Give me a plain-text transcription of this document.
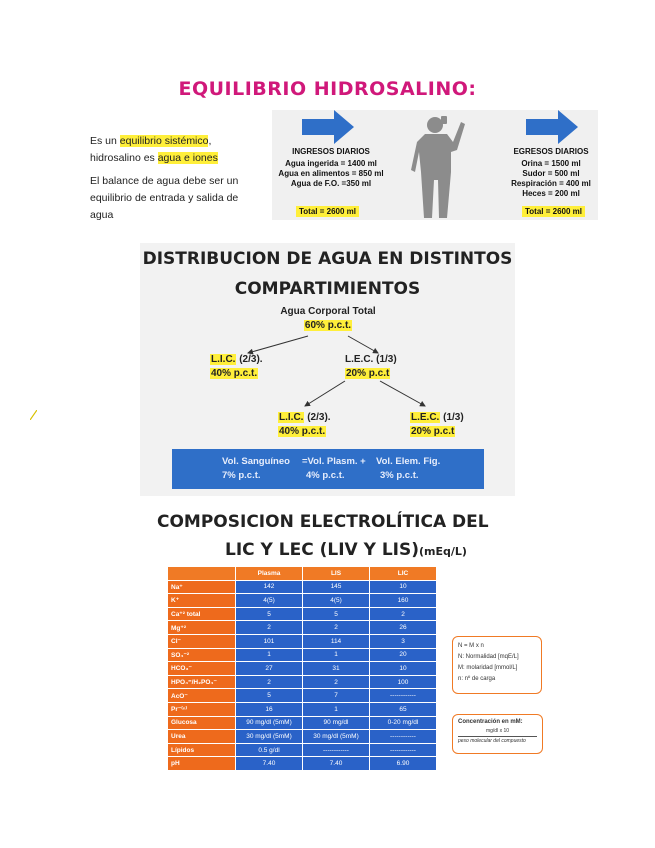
EQUILIBRIO HIDROSALINO:

Es un equilibrio sistémico,
hidrosalino es agua e iones

El balance de agua debe ser un equilibrio de entrada y salida de agua

INGRESOS DIARIOS
Agua ingerida = 1400 ml
Agua en alimentos = 850 ml
Agua de F.O. =350 ml
Total = 2600 ml
EGRESOS DIARIOS
Orina = 1500 ml
Sudor = 500 ml
Respiración = 400 ml
Heces = 200 ml
Total = 2600 ml
DISTRIBUCION DE AGUA EN DISTINTOS
COMPARTIMIENTOS
Agua Corporal Total
60% p.c.t.
L.I.C. (2/3).
40% p.c.t.
L.E.C. (1/3)
20% p.c.t
L.I.C. (2/3).
40% p.c.t.
L.E.C. (1/3)
20% p.c.t
Vol. Sanguíneo
7% p.c.t.
=Vol. Plasm. +
4% p.c.t.
Vol. Elem. Fig.
3% p.c.t.
COMPOSICION ELECTROLÍTICA DEL
LIC Y LEC (LIV Y LIS)(mEq/L)
	Plasma	LIS	LIC
Na⁺	142	145	10
K⁺	4(5)	4(5)	160
Ca⁺² total	5	5	2
Mg⁺²	2	2	26
Cl⁻	101	114	3
SO₄⁻²	1	1	20
HCO₃⁻	27	31	10
HPO₄⁼/H₂PO₄⁻	2	2	100
AcO⁻	5	7	------------
Pr⁻⁽ⁿ⁾	16	1	65
Glucosa	90 mg/dl (5mM)	90 mg/dl	0-20 mg/dl
Urea	30 mg/dl (5mM)	30 mg/dl (5mM)	------------
Lípidos	0.5 g/dl	------------	------------
pH	7.40	7.40	6.90
N = M x n
N: Normalidad [mqE/L]
M: molaridad [mmol/L]
n: nº de carga
Concentración en mM:
mg/dl x 10
peso molecular del compuesto
